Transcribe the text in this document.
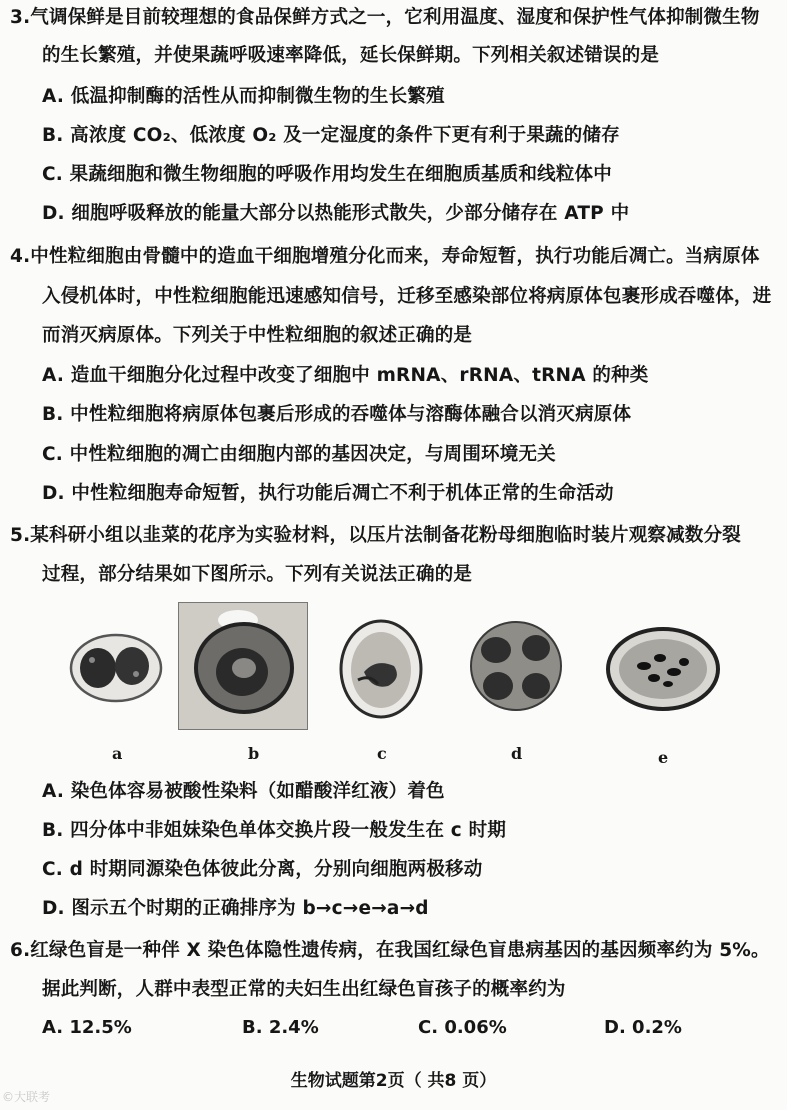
3.气调保鲜是目前较理想的食品保鲜方式之一，它利用温度、湿度和保护性气体抑制微生物
的生长繁殖，并使果蔬呼吸速率降低，延长保鲜期。下列相关叙述错误的是
A. 低温抑制酶的活性从而抑制微生物的生长繁殖
B. 高浓度 CO₂、低浓度 O₂ 及一定湿度的条件下更有利于果蔬的储存
C. 果蔬细胞和微生物细胞的呼吸作用均发生在细胞质基质和线粒体中
D. 细胞呼吸释放的能量大部分以热能形式散失，少部分储存在 ATP 中
4.中性粒细胞由骨髓中的造血干细胞增殖分化而来，寿命短暂，执行功能后凋亡。当病原体
入侵机体时，中性粒细胞能迅速感知信号，迁移至感染部位将病原体包裹形成吞噬体，进
而消灭病原体。下列关于中性粒细胞的叙述正确的是
A. 造血干细胞分化过程中改变了细胞中 mRNA、rRNA、tRNA 的种类
B. 中性粒细胞将病原体包裹后形成的吞噬体与溶酶体融合以消灭病原体
C. 中性粒细胞的凋亡由细胞内部的基因决定，与周围环境无关
D. 中性粒细胞寿命短暂，执行功能后凋亡不利于机体正常的生命活动
5.某科研小组以韭菜的花序为实验材料，以压片法制备花粉母细胞临时装片观察减数分裂
过程，部分结果如下图所示。下列有关说法正确的是
a	b	c	d	e
A. 染色体容易被酸性染料（如醋酸洋红液）着色
B. 四分体中非姐妹染色单体交换片段一般发生在 c 时期
C. d 时期同源染色体彼此分离，分别向细胞两极移动
D. 图示五个时期的正确排序为 b→c→e→a→d
6.红绿色盲是一种伴 X 染色体隐性遗传病，在我国红绿色盲患病基因的基因频率约为 5%。
据此判断，人群中表型正常的夫妇生出红绿色盲孩子的概率约为
A. 12.5%	B. 2.4%	C. 0.06%	D. 0.2%
生物试题第2页（ 共8 页）
©大联考
